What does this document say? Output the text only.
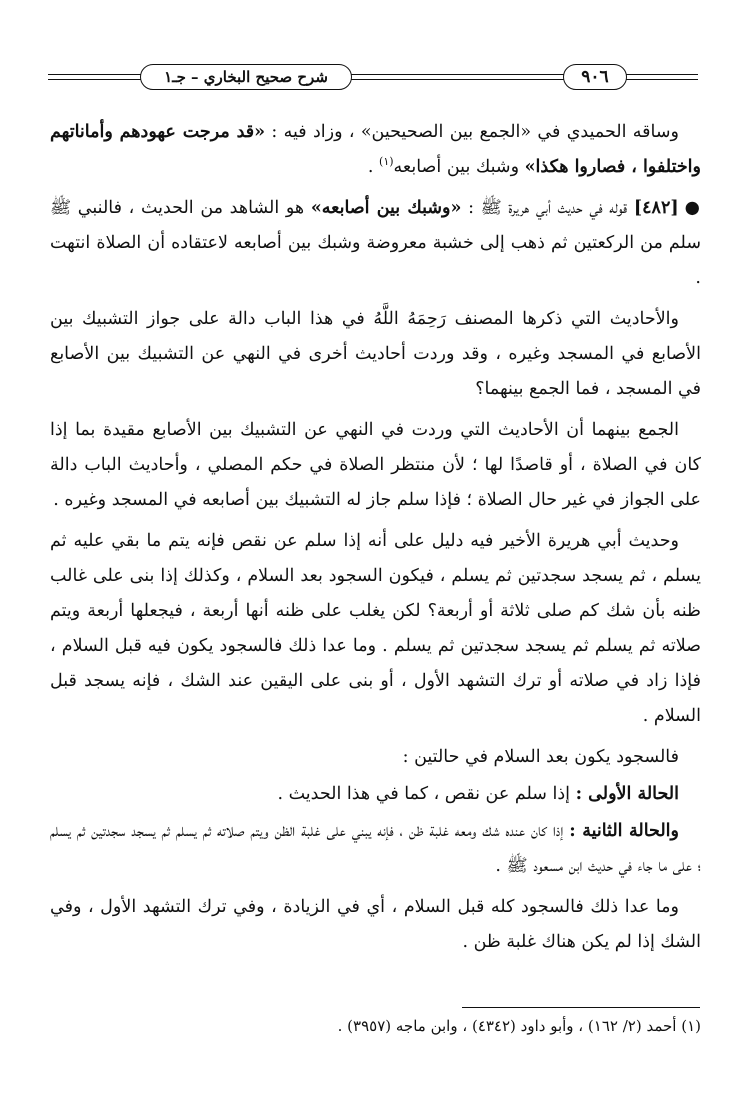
شرح صحيح البخاري – جـ١	٩٠٦

وساقه الحميدي في «الجمع بين الصحيحين» ، وزاد فيه : «قد مرجت عهودهم وأماناتهم واختلفوا ، فصاروا هكذا» وشبك بين أصابعه$^{(١)}$ .

●[٤٨٢] قوله في حديث أبي هريرة ﷺ : «وشبك بين أصابعه» هو الشاهد من الحديث ، فالنبي ﷺ سلم من الركعتين ثم ذهب إلى خشبة معروضة وشبك بين أصابعه لاعتقاده أن الصلاة انتهت .

والأحاديث التي ذكرها المصنف رَحِمَهُ اللَّهُ في هذا الباب دالة على جواز التشبيك بين الأصابع في المسجد وغيره ، وقد وردت أحاديث أخرى في النهي عن التشبيك بين الأصابع في المسجد ، فما الجمع بينهما؟

الجمع بينهما أن الأحاديث التي وردت في النهي عن التشبيك بين الأصابع مقيدة بما إذا كان في الصلاة ، أو قاصدًا لها ؛ لأن منتظر الصلاة في حكم المصلي ، وأحاديث الباب دالة على الجواز في غير حال الصلاة ؛ فإذا سلم جاز له التشبيك بين أصابعه في المسجد وغيره .

وحديث أبي هريرة الأخير فيه دليل على أنه إذا سلم عن نقص فإنه يتم ما بقي عليه ثم يسلم ، ثم يسجد سجدتين ثم يسلم ، فيكون السجود بعد السلام ، وكذلك إذا بنى على غالب ظنه بأن شك كم صلى ثلاثة أو أربعة؟ لكن يغلب على ظنه أنها أربعة ، فيجعلها أربعة ويتم صلاته ثم يسلم ثم يسجد سجدتين ثم يسلم . وما عدا ذلك فالسجود يكون فيه قبل السلام ، فإذا زاد في صلاته أو ترك التشهد الأول ، أو بنى على اليقين عند الشك ، فإنه يسجد قبل السلام .

فالسجود يكون بعد السلام في حالتين :

الحالة الأولى : إذا سلم عن نقص ، كما في هذا الحديث .

والحالة الثانية : إذا كان عنده شك ومعه غلبة ظن ، فإنه يبني على غلبة الظن ويتم صلاته ثم يسلم ثم يسجد سجدتين ثم يسلم ؛ على ما جاء في حديث ابن مسعود ﷺ .

وما عدا ذلك فالسجود كله قبل السلام ، أي في الزيادة ، وفي ترك التشهد الأول ، وفي الشك إذا لم يكن هناك غلبة ظن .

(١) أحمد (٢/ ١٦٢) ، وأبو داود (٤٣٤٢) ، وابن ماجه (٣٩٥٧) .
